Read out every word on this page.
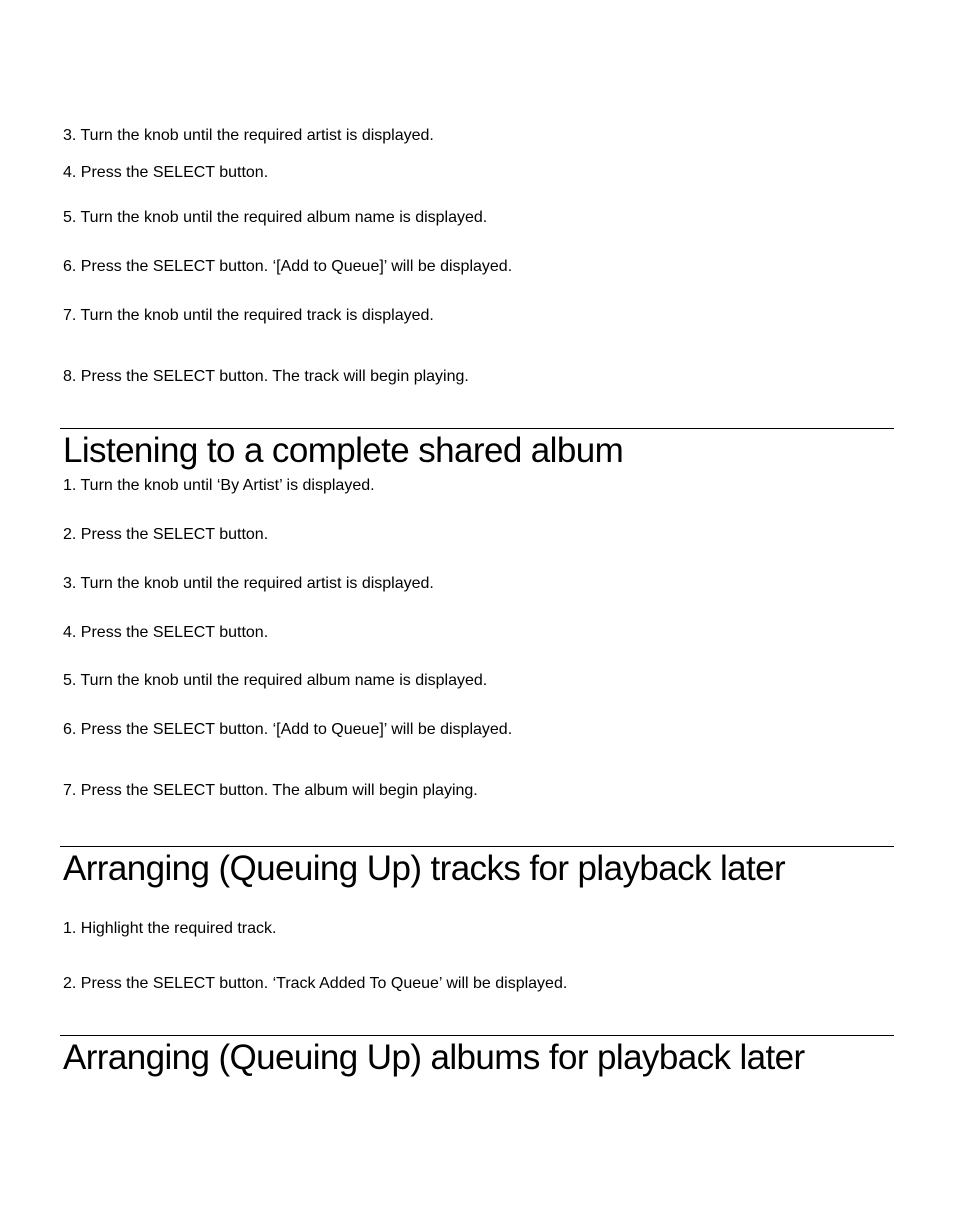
3. Turn the knob until the required artist is displayed.
4. Press the SELECT button.
5. Turn the knob until the required album name is displayed.
6. Press the SELECT button. ‘[Add to Queue]’ will be displayed.
7. Turn the knob until the required track is displayed.
8. Press the SELECT button. The track will begin playing.
Listening to a complete shared album
1. Turn the knob until ‘By Artist’ is displayed.
2. Press the SELECT button.
3. Turn the knob until the required artist is displayed.
4. Press the SELECT button.
5. Turn the knob until the required album name is displayed.
6. Press the SELECT button. ‘[Add to Queue]’ will be displayed.
7. Press the SELECT button. The album will begin playing.
Arranging (Queuing Up) tracks for playback later
1. Highlight the required track.
2. Press the SELECT button. ‘Track Added To Queue’ will be displayed.
Arranging (Queuing Up) albums for playback later
